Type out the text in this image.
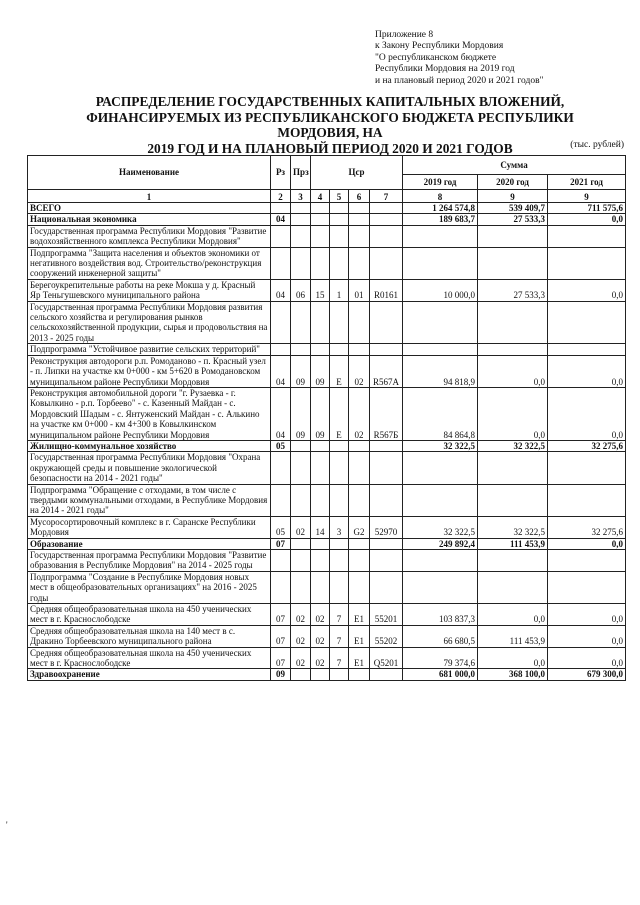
Приложение 8
к Закону Республики Мордовия
"О республиканском бюджете
Республики Мордовия на 2019 год
и на плановый период 2020 и 2021 годов"
РАСПРЕДЕЛЕНИЕ ГОСУДАРСТВЕННЫХ КАПИТАЛЬНЫХ ВЛОЖЕНИЙ,
ФИНАНСИРУЕМЫХ ИЗ РЕСПУБЛИКАНСКОГО БЮДЖЕТА РЕСПУБЛИКИ МОРДОВИЯ, НА
2019 ГОД И НА ПЛАНОВЫЙ ПЕРИОД 2020 И 2021 ГОДОВ	(тыс. рублей)
Наименование	Рз	Прз	Цср				Сумма		
							2019 год	2020 год	2021 год
1	2	3	4	5	6	7	8	9	9
ВСЕГО							1 264 574,8	539 409,7	711 575,6
Национальная экономика	04						189 683,7	27 533,3	0,0
Государственная программа Республики Мордовия "Развитие водохозяйственного комплекса Республики Мордовия"									
Подпрограмма "Защита населения и объектов экономики от негативного воздействия вод. Строительство/реконструкция сооружений инженерной защиты"									
Берегоукрепительные работы на реке Мокша у д. Красный Яр Теньгушевского муниципального района	04	06	15	1	01	R0161	10 000,0	27 533,3	0,0
Государственная программа Республики Мордовия развития сельского хозяйства и регулирования рынков сельскохозяйственной продукции, сырья и продовольствия на 2013 - 2025 годы									
Подпрограмма "Устойчивое развитие сельских территорий"									
Реконструкция автодороги р.п. Ромоданово - п. Красный узел - п. Липки на участке км 0+000 - км 5+620 в Ромодановском муниципальном районе Республики Мордовия	04	09	09	Е	02	R567А	94 818,9	0,0	0,0
Реконструкция автомобильной дороги "г. Рузаевка - г. Ковылкино - р.п. Торбеево" - с. Казенный Майдан - с. Мордовский Шадым - с. Янтуженский Майдан - с. Алькино на участке км 0+000 - км 4+300 в Ковылкинском муниципальном районе Республики Мордовия	04	09	09	Е	02	R567Б	84 864,8	0,0	0,0
Жилищно-коммунальное хозяйство	05						32 322,5	32 322,5	32 275,6
Государственная программа Республики Мордовия "Охрана окружающей среды и повышение экологической безопасности на 2014 - 2021 годы"									
Подпрограмма "Обращение с отходами, в том числе с твердыми коммунальными отходами, в Республике Мордовия на 2014 - 2021 годы"									
Мусоросортировочный комплекс в г. Саранске Республики Мордовия	05	02	14	3	G2	52970	32 322,5	32 322,5	32 275,6
Образование	07						249 892,4	111 453,9	0,0
Государственная программа Республики Мордовия "Развитие образования в Республике Мордовия" на 2014 - 2025 годы									
Подпрограмма "Создание в Республике Мордовия новых мест в общеобразовательных организациях" на 2016 - 2025 годы									
Средняя общеобразовательная школа на 450 ученических мест в г. Краснослободске	07	02	02	7	Е1	55201	103 837,3	0,0	0,0
Средняя общеобразовательная школа на 140 мест в с. Дракино Торбеевского муниципального района	07	02	02	7	Е1	55202	66 680,5	111 453,9	0,0
Средняя общеобразовательная школа на 450 ученических мест в г. Краснослободске	07	02	02	7	Е1	Q5201	79 374,6	0,0	0,0
Здравоохранение	09						681 000,0	368 100,0	679 300,0
'
